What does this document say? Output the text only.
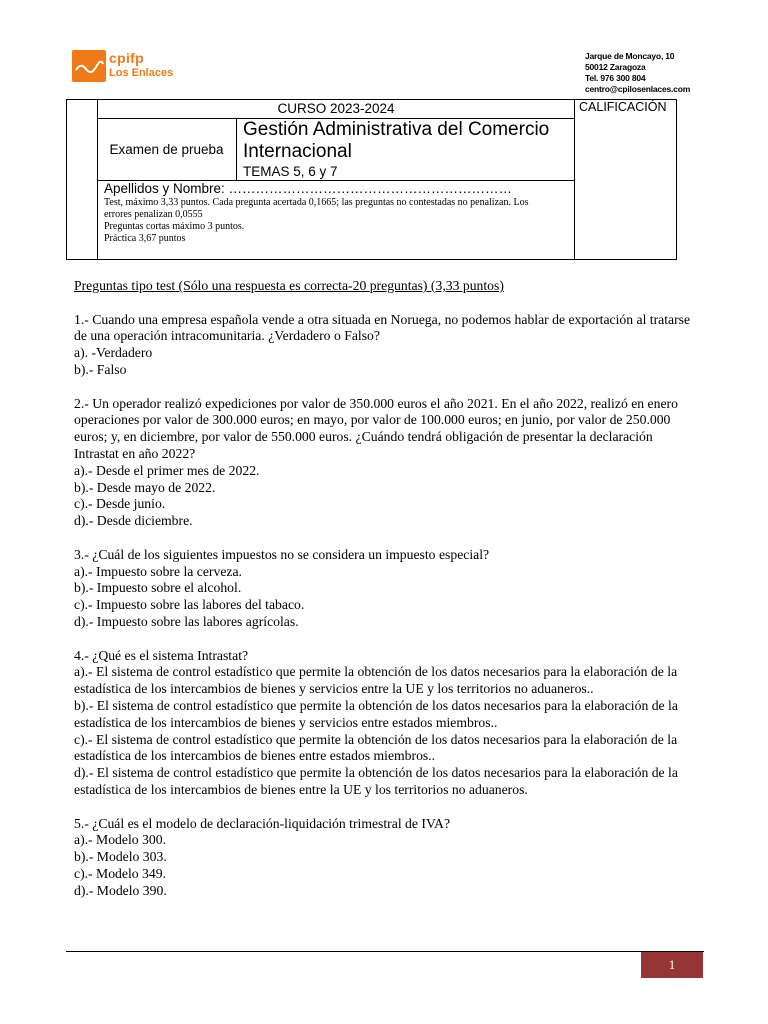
cpifp
Los Enlaces
Jarque de Moncayo, 10
50012 Zaragoza
Tel. 976 300 804
centro@cpilosenlaces.com
CURSO 2023-2024	CALIFICACIÓN
Examen de prueba
Gestión Administrativa del Comercio Internacional
TEMAS 5, 6 y 7
Apellidos y Nombre: ………………………………………………………
Test, máximo 3,33 puntos. Cada pregunta acertada 0,1665; las preguntas no contestadas no penalizan. Los errores penalizan 0,0555
Preguntas cortas máximo 3 puntos.
Práctica 3,67 puntos

Preguntas tipo test (Sólo una respuesta es correcta-20 preguntas) (3,33 puntos)

1.- Cuando una empresa española vende a otra situada en Noruega, no podemos hablar de exportación al tratarse de una operación intracomunitaria. ¿Verdadero o Falso?

a). -Verdadero

b).- Falso

2.- Un operador realizó expediciones por valor de 350.000 euros el año 2021. En el año 2022, realizó en enero operaciones por valor de 300.000 euros; en mayo, por valor de 100.000 euros; en junio, por valor de 250.000 euros; y, en diciembre, por valor de 550.000 euros. ¿Cuándo tendrá obligación de presentar la declaración Intrastat en año 2022?

a).- Desde el primer mes de 2022.

b).- Desde mayo de 2022.

c).- Desde junio.

d).- Desde diciembre.

3.- ¿Cuál de los siguientes impuestos no se considera un impuesto especial?

a).- Impuesto sobre la cerveza.

b).- Impuesto sobre el alcohol.

c).- Impuesto sobre las labores del tabaco.

d).- Impuesto sobre las labores agrícolas.

4.- ¿Qué es el sistema Intrastat?

a).- El sistema de control estadístico que permite la obtención de los datos necesarios para la elaboración de la estadística de los intercambios de bienes y servicios entre la UE y los territorios no aduaneros..

b).- El sistema de control estadístico que permite la obtención de los datos necesarios para la elaboración de la estadística de los intercambios de bienes y servicios entre estados miembros..

c).- El sistema de control estadístico que permite la obtención de los datos necesarios para la elaboración de la estadística de los intercambios de bienes entre estados miembros..

d).- El sistema de control estadístico que permite la obtención de los datos necesarios para la elaboración de la estadística de los intercambios de bienes entre la UE y los territorios no aduaneros.

5.- ¿Cuál es el modelo de declaración-liquidación trimestral de IVA?

a).- Modelo 300.

b).- Modelo 303.

c).- Modelo 349.

d).- Modelo 390.

1
